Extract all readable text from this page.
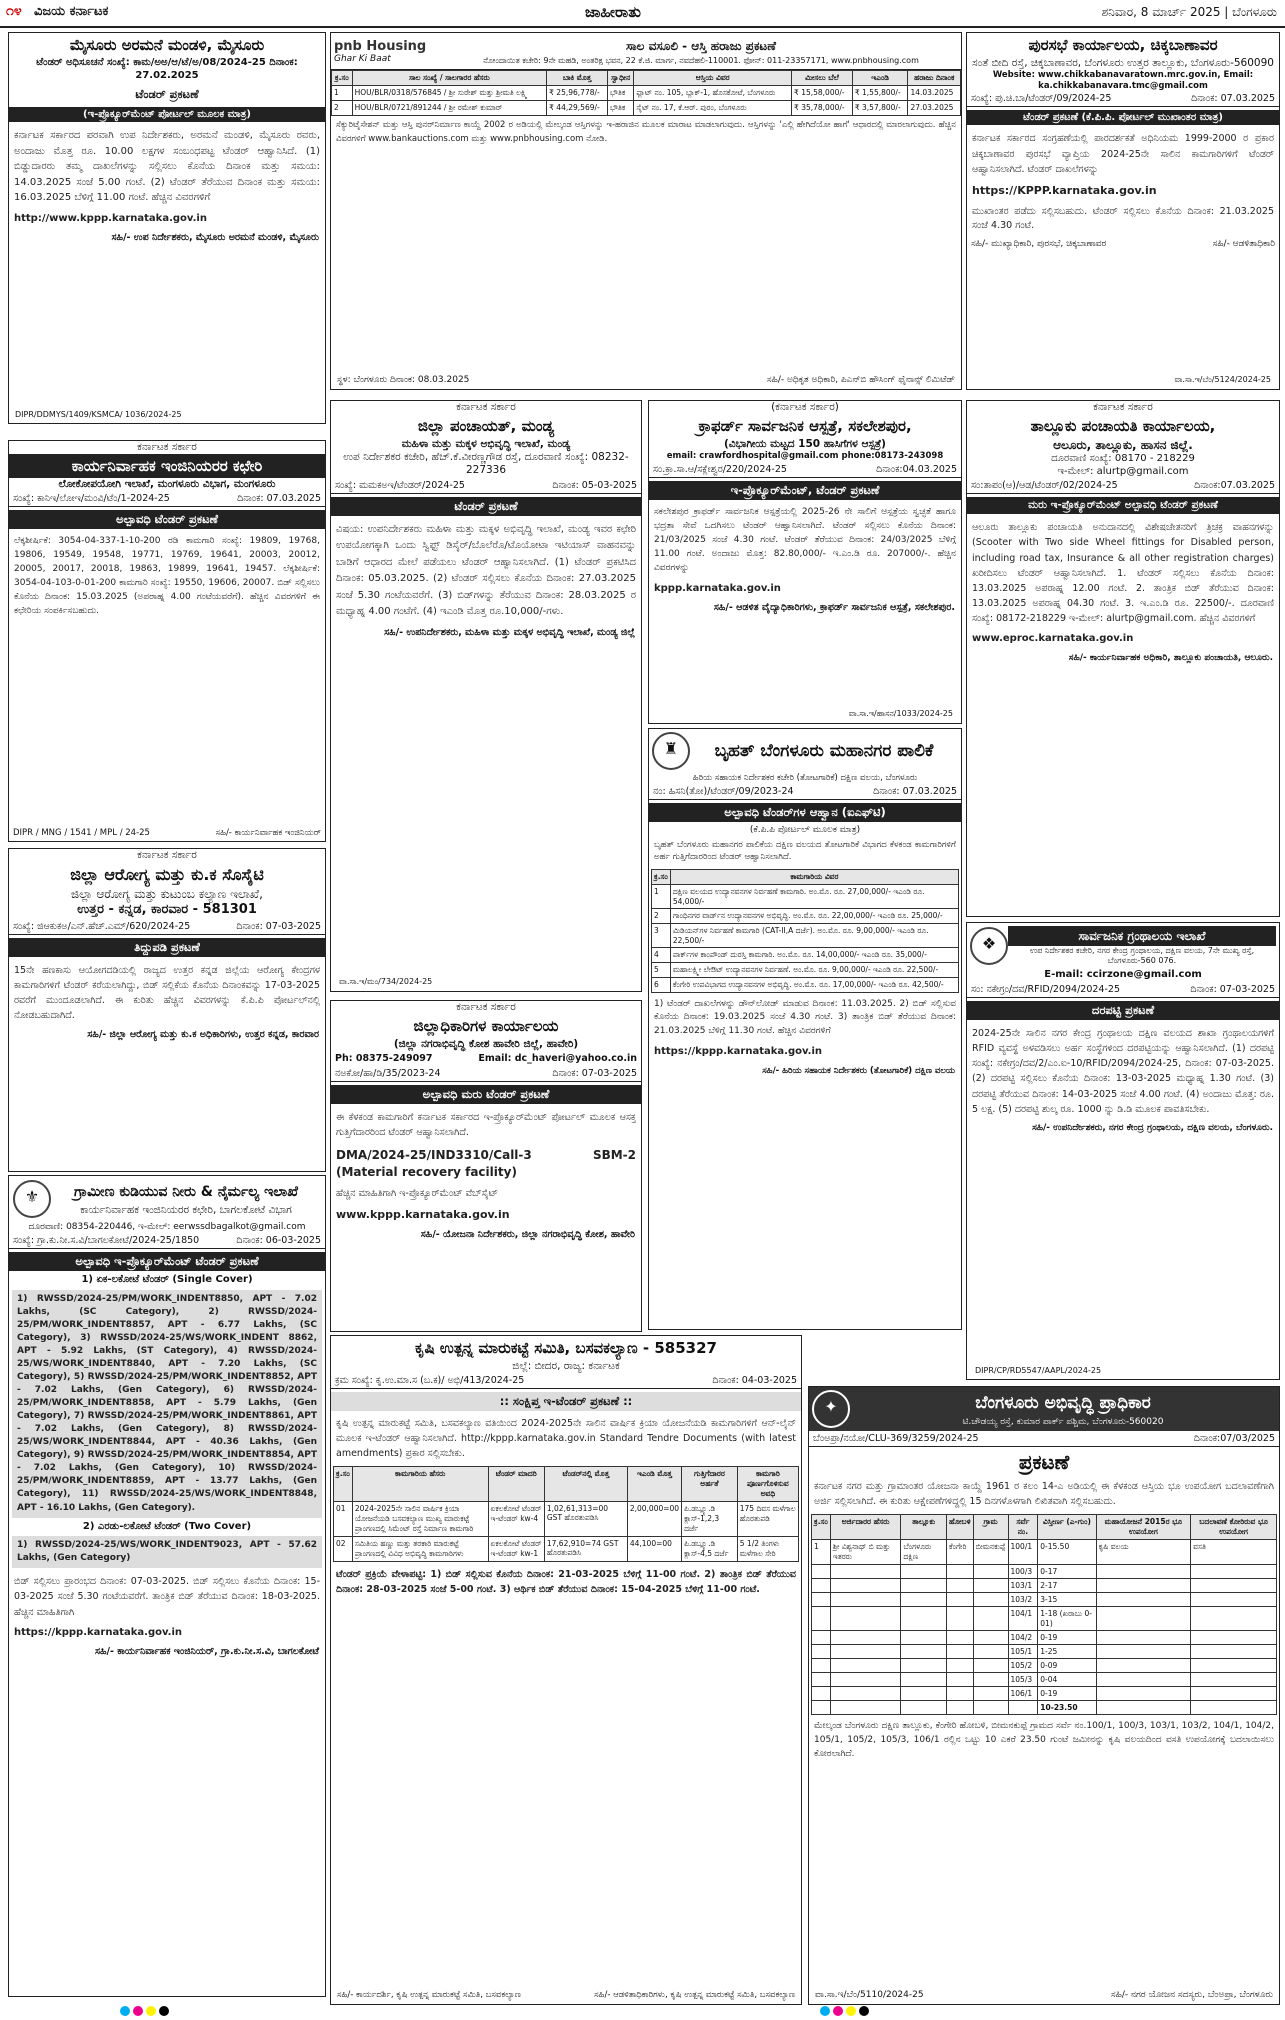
೧೪ ವಿಜಯ ಕರ್ನಾಟಕ	ಜಾಹೀರಾತು	ಶನಿವಾರ, 8 ಮಾರ್ಚ್ 2025 | ಬೆಂಗಳೂರು
ಮೈಸೂರು ಅರಮನೆ ಮಂಡಳಿ, ಮೈಸೂರು
ಟೆಂಡರ್ ಅಧಿಸೂಚನೆ ಸಂಖ್ಯೆ: ಕಾಮ/ಅಅ/ಆ/ಟೆ/ಅ/08/2024-25 ದಿನಾಂಕ: 27.02.2025
ಟೆಂಡರ್ ಪ್ರಕಟಣೆ
(ಇ-ಪ್ರೊಕ್ಯೂರ್‌ಮೆಂಟ್ ಪೋರ್ಟಲ್ ಮೂಲಕ ಮಾತ್ರ)
ಕರ್ನಾಟಕ ಸರ್ಕಾರದ ಪರವಾಗಿ ಉಪ ನಿರ್ದೇಶಕರು, ಅರಮನೆ ಮಂಡಳಿ, ಮೈಸೂರು ರವರು, ಅಂದಾಜು ಮೊತ್ತ ರೂ. 10.00 ಲಕ್ಷಗಳ ಸಂಬಂಧಪಟ್ಟ ಟೆಂಡರ್ ಆಹ್ವಾನಿಸಿದೆ. (1) ಬಿಡ್ಡುದಾರರು ತಮ್ಮ ದಾಖಲೆಗಳನ್ನು ಸಲ್ಲಿಸಲು ಕೊನೆಯ ದಿನಾಂಕ ಮತ್ತು ಸಮಯ: 14.03.2025 ಸಂಜೆ 5.00 ಗಂಟೆ. (2) ಟೆಂಡರ್ ತೆರೆಯುವ ದಿನಾಂಕ ಮತ್ತು ಸಮಯ: 16.03.2025 ಬೆಳಿಗ್ಗೆ 11.00 ಗಂಟೆ. ಹೆಚ್ಚಿನ ವಿವರಗಳಿಗೆ
http://www.kppp.karnataka.gov.in
ಸಹಿ/- ಉಪ ನಿರ್ದೇಶಕರು, ಮೈಸೂರು ಅರಮನೆ ಮಂಡಳಿ, ಮೈಸೂರು
DIPR/DDMYS/1409/KSMCA/ 1036/2024-25
ಕರ್ನಾಟಕ ಸರ್ಕಾರ
ಕಾರ್ಯನಿರ್ವಾಹಕ ಇಂಜಿನಿಯರರ ಕಛೇರಿ
ಲೋಕೋಪಯೋಗಿ ಇಲಾಖೆ, ಮಂಗಳೂರು ವಿಭಾಗ, ಮಂಗಳೂರು
ಸಂಖ್ಯೆ: ಕಾನಿಇ/ಲೋಇ/ಮಂವಿ/ಟೆಂ/1-2024-25	ದಿನಾಂಕ: 07.03.2025
ಅಲ್ಪಾವಧಿ ಟೆಂಡರ್ ಪ್ರಕಟಣೆ
ಲೆಕ್ಕಶೀರ್ಷಿಕೆ: 3054-04-337-1-10-200 ರಡಿ ಕಾಮಗಾರಿ ಸಂಖ್ಯೆ: 19809, 19768, 19806, 19549, 19548, 19771, 19769, 19641, 20003, 20012, 20005, 20017, 20018, 19863, 19899, 19641, 19457. ಲೆಕ್ಕಶೀರ್ಷಿಕೆ: 3054-04-103-0-01-200 ಕಾಮಗಾರಿ ಸಂಖ್ಯೆ: 19550, 19606, 20007. ಬಿಡ್ ಸಲ್ಲಿಸಲು ಕೊನೆಯ ದಿನಾಂಕ: 15.03.2025 (ಅಪರಾಹ್ನ 4.00 ಗಂಟೆಯವರೆಗೆ). ಹೆಚ್ಚಿನ ವಿವರಗಳಿಗೆ ಈ ಕಛೇರಿಯ ಸಂಪರ್ಕಿಸಬಹುದು.
DIPR / MNG / 1541 / MPL / 24-25	ಸಹಿ/- ಕಾರ್ಯನಿರ್ವಾಹಕ ಇಂಜಿನಿಯರ್
ಕರ್ನಾಟಕ ಸರ್ಕಾರ
ಜಿಲ್ಲಾ ಆರೋಗ್ಯ ಮತ್ತು ಕು.ಕ ಸೊಸೈಟಿ
ಜಿಲ್ಲಾ ಆರೋಗ್ಯ ಮತ್ತು ಕುಟುಂಬ ಕಲ್ಯಾಣ ಇಲಾಖೆ,
ಉತ್ತರ - ಕನ್ನಡ, ಕಾರವಾರ - 581301
ಸಂಖ್ಯೆ: ಜಿಆಕುಕಅ/ಎನ್.ಹೆಚ್.ಎಮ್/620/2024-25	ದಿನಾಂಕ: 07-03-2025
ತಿದ್ದುಪಡಿ ಪ್ರಕಟಣೆ
15ನೇ ಹಣಕಾಸು ಆಯೋಗದಡಿಯಲ್ಲಿ ರಾಜ್ಯದ ಉತ್ತರ ಕನ್ನಡ ಜಿಲ್ಲೆಯ ಆರೋಗ್ಯ ಕೇಂದ್ರಗಳ ಕಾಮಗಾರಿಗಳಿಗೆ ಟೆಂಡರ್ ಕರೆಯಲಾಗಿದ್ದು, ಬಿಡ್ ಸಲ್ಲಿಕೆಯ ಕೊನೆಯ ದಿನಾಂಕವನ್ನು 17-03-2025 ರವರೆಗೆ ಮುಂದೂಡಲಾಗಿದೆ. ಈ ಕುರಿತು ಹೆಚ್ಚಿನ ವಿವರಗಳನ್ನು ಕೆ.ಪಿ.ಪಿ ಪೋರ್ಟಲ್‌ನಲ್ಲಿ ನೋಡಬಹುದಾಗಿದೆ.
ಸಹಿ/- ಜಿಲ್ಲಾ ಆರೋಗ್ಯ ಮತ್ತು ಕು.ಕ ಅಧಿಕಾರಿಗಳು, ಉತ್ತರ ಕನ್ನಡ, ಕಾರವಾರ
⚜	ಗ್ರಾಮೀಣ ಕುಡಿಯುವ ನೀರು & ನೈರ್ಮಲ್ಯ ಇಲಾಖೆ
ಕಾರ್ಯನಿರ್ವಾಹಕ ಇಂಜಿನಿಯರರ ಕಛೇರಿ, ಬಾಗಲಕೋಟೆ ವಿಭಾಗ
ದೂರವಾಣಿ: 08354-220446, ಇ-ಮೇಲ್: eerwssdbagalkot@gmail.com
ಸಂಖ್ಯೆ: ಗ್ರಾ.ಕು.ನೀ.ಸ.ವಿ/ಬಾಗಲಕೋಟೆ/2024-25/1850	ದಿನಾಂಕ: 06-03-2025
ಅಲ್ಪಾವಧಿ ಇ-ಪ್ರೊಕ್ಯೂರ್‌ಮೆಂಟ್ ಟೆಂಡರ್ ಪ್ರಕಟಣೆ
1) ಏಕ-ಲಕೋಟೆ ಟೆಂಡರ್ (Single Cover)
1) RWSSD/2024-25/PM/WORK_INDENT8850, APT - 7.02 Lakhs, (SC Category), 2) RWSSD/2024-25/PM/WORK_INDENT8857, APT - 6.77 Lakhs, (SC Category), 3) RWSSD/2024-25/WS/WORK_INDENT 8862, APT - 5.92 Lakhs, (ST Category), 4) RWSSD/2024-25/WS/WORK_INDENT8840, APT - 7.20 Lakhs, (SC Category), 5) RWSSD/2024-25/PM/WORK_INDENT8852, APT - 7.02 Lakhs, (Gen Category), 6) RWSSD/2024-25/PM/WORK_INDENT8858, APT - 5.79 Lakhs, (Gen Category), 7) RWSSD/2024-25/PM/WORK_INDENT8861, APT - 7.02 Lakhs, (Gen Category), 8) RWSSD/2024-25/WS/WORK_INDENT8844, APT - 40.36 Lakhs, (Gen Category), 9) RWSSD/2024-25/PM/WORK_INDENT8854, APT - 7.02 Lakhs, (Gen Category), 10) RWSSD/2024-25/PM/WORK_INDENT8859, APT - 13.77 Lakhs, (Gen Category), 11) RWSSD/2024-25/WS/WORK_INDENT8848, APT - 16.10 Lakhs, (Gen Category).
2) ಎರಡು-ಲಕೋಟೆ ಟೆಂಡರ್ (Two Cover)
1) RWSSD/2024-25/WS/WORK_INDENT9023, APT - 57.62 Lakhs, (Gen Category)
ಬಿಡ್ ಸಲ್ಲಿಸಲು ಪ್ರಾರಂಭದ ದಿನಾಂಕ: 07-03-2025. ಬಿಡ್ ಸಲ್ಲಿಸಲು ಕೊನೆಯ ದಿನಾಂಕ: 15-03-2025 ಸಂಜೆ 5.30 ಗಂಟೆಯವರೆಗೆ. ತಾಂತ್ರಿಕ ಬಿಡ್ ತೆರೆಯುವ ದಿನಾಂಕ: 18-03-2025. ಹೆಚ್ಚಿನ ಮಾಹಿತಿಗಾಗಿ
https://kppp.karnataka.gov.in
ಸಹಿ/- ಕಾರ್ಯನಿರ್ವಾಹಕ ಇಂಜಿನಿಯರ್, ಗ್ರಾ.ಕು.ನೀ.ಸ.ವಿ, ಬಾಗಲಕೋಟೆ
pnb Housing
Ghar Ki Baat
ಸಾಲ ವಸೂಲಿ - ಆಸ್ತಿ ಹರಾಜು ಪ್ರಕಟಣೆ
ನೋಂದಾಯಿತ ಕಚೇರಿ: 9ನೇ ಮಹಡಿ, ಅಂತರಿಕ್ಷ ಭವನ, 22 ಕೆ.ಜಿ. ಮಾರ್ಗ, ನವದೆಹಲಿ-110001. ಫೋನ್: 011-23357171, www.pnbhousing.com
ಕ್ರ.ಸಂ	ಸಾಲ ಸಂಖ್ಯೆ / ಸಾಲಗಾರರ ಹೆಸರು	ಬಾಕಿ ಮೊತ್ತ	ಸ್ವಾಧೀನ	ಆಸ್ತಿಯ ವಿವರ	ಮೀಸಲು ಬೆಲೆ	ಇಎಂಡಿ	ಹರಾಜು ದಿನಾಂಕ
1	HOU/BLR/0318/576845 / ಶ್ರೀ ಸುರೇಶ್ ಮತ್ತು ಶ್ರೀಮತಿ ಲಕ್ಷ್ಮಿ	₹ 25,96,778/-	ಭೌತಿಕ	ಫ್ಲಾಟ್ ನಂ. 105, ಬ್ಲಾಕ್-1, ಹೊಸಕೋಟೆ, ಬೆಂಗಳೂರು	₹ 15,58,000/-	₹ 1,55,800/-	14.03.2025
2	HOU/BLR/0721/891244 / ಶ್ರೀ ರಮೇಶ್ ಕುಮಾರ್	₹ 44,29,569/-	ಭೌತಿಕ	ಸೈಟ್ ನಂ. 17, ಕೆ.ಆರ್. ಪುರಂ, ಬೆಂಗಳೂರು	₹ 35,78,000/-	₹ 3,57,800/-	27.03.2025
ಸೆಕ್ಯುರಿಟೈಸೇಶನ್ ಮತ್ತು ಆಸ್ತಿ ಪುನರ್‌ನಿರ್ಮಾಣ ಕಾಯ್ದೆ 2002 ರ ಅಡಿಯಲ್ಲಿ ಮೇಲ್ಕಂಡ ಆಸ್ತಿಗಳನ್ನು ಇ-ಹರಾಜಿನ ಮೂಲಕ ಮಾರಾಟ ಮಾಡಲಾಗುವುದು. ಆಸ್ತಿಗಳನ್ನು 'ಎಲ್ಲಿ ಹೇಗಿದೆಯೋ ಹಾಗೆ' ಆಧಾರದಲ್ಲಿ ಮಾರಲಾಗುವುದು. ಹೆಚ್ಚಿನ ವಿವರಗಳಿಗೆ www.bankauctions.com ಮತ್ತು www.pnbhousing.com ನೋಡಿ.
ಸ್ಥಳ: ಬೆಂಗಳೂರು ದಿನಾಂಕ: 08.03.2025	ಸಹಿ/- ಅಧಿಕೃತ ಅಧಿಕಾರಿ, ಪಿಎನ್‌ಬಿ ಹೌಸಿಂಗ್ ಫೈನಾನ್ಸ್ ಲಿಮಿಟೆಡ್
ಪುರಸಭೆ ಕಾರ್ಯಾಲಯ, ಚಿಕ್ಕಬಾಣಾವರ
ಸಂತೆ ಬೀದಿ ರಸ್ತೆ, ಚಿಕ್ಕಬಾಣಾವರ, ಬೆಂಗಳೂರು ಉತ್ತರ ತಾಲ್ಲೂಕು, ಬೆಂಗಳೂರು-560090
Website: www.chikkabanavaratown.mrc.gov.in, Email: ka.chikkabanavara.tmc@gmail.com
ಸಂಖ್ಯೆ: ಪು.ಚಿ.ಬಾ/ಟೆಂಡರ್/09/2024-25	ದಿನಾಂಕ: 07.03.2025
ಟೆಂಡರ್ ಪ್ರಕಟಣೆ (ಕೆ.ಪಿ.ಪಿ. ಪೋರ್ಟಲ್ ಮುಖಾಂತರ ಮಾತ್ರ)
ಕರ್ನಾಟಕ ಸರ್ಕಾರದ ಸಂಗ್ರಹಣೆಯಲ್ಲಿ ಪಾರದರ್ಶಕತೆ ಅಧಿನಿಯಮ 1999-2000 ರ ಪ್ರಕಾರ ಚಿಕ್ಕಬಾಣಾವರ ಪುರಸಭೆ ವ್ಯಾಪ್ತಿಯ 2024-25ನೇ ಸಾಲಿನ ಕಾಮಗಾರಿಗಳಿಗೆ ಟೆಂಡರ್ ಆಹ್ವಾನಿಸಲಾಗಿದೆ. ಟೆಂಡರ್ ದಾಖಲೆಗಳನ್ನು
https://KPPP.karnataka.gov.in
ಮುಖಾಂತರ ಪಡೆದು ಸಲ್ಲಿಸಬಹುದು. ಟೆಂಡರ್ ಸಲ್ಲಿಸಲು ಕೊನೆಯ ದಿನಾಂಕ: 21.03.2025 ಸಂಜೆ 4.30 ಗಂಟೆ.
ಸಹಿ/- ಮುಖ್ಯಾಧಿಕಾರಿ, ಪುರಸಭೆ, ಚಿಕ್ಕಬಾಣಾವರ	ಸಹಿ/- ಆಡಳಿತಾಧಿಕಾರಿ
ವಾ.ಸಾ.ಇ/ಬೆಂ/5124/2024-25
ಕರ್ನಾಟಕ ಸರ್ಕಾರ
ಜಿಲ್ಲಾ ಪಂಚಾಯತ್, ಮಂಡ್ಯ
ಮಹಿಳಾ ಮತ್ತು ಮಕ್ಕಳ ಅಭಿವೃದ್ಧಿ ಇಲಾಖೆ, ಮಂಡ್ಯ
ಉಪ ನಿರ್ದೇಶಕರ ಕಚೇರಿ, ಹೆಚ್.ಕೆ.ವೀರಣ್ಣಗೌಡ ರಸ್ತೆ, ದೂರವಾಣಿ ಸಂಖ್ಯೆ: 08232-227336
ಸಂಖ್ಯೆ: ಮಮಕಅಇ/ಟೆಂಡರ್/2024-25	ದಿನಾಂಕ: 05-03-2025
ಟೆಂಡರ್ ಪ್ರಕಟಣೆ
ವಿಷಯ: ಉಪನಿರ್ದೇಶಕರು ಮಹಿಳಾ ಮತ್ತು ಮಕ್ಕಳ ಅಭಿವೃದ್ಧಿ ಇಲಾಖೆ, ಮಂಡ್ಯ ಇವರ ಕಛೇರಿ ಉಪಯೋಗಕ್ಕಾಗಿ ಒಂದು ಸ್ವಿಫ್ಟ್ ಡಿಸೈರ್/ಬೊಲೆರೊ/ಟೊಯೋಟಾ ಇಟಿಯಾಸ್ ವಾಹನವನ್ನು ಬಾಡಿಗೆ ಆಧಾರದ ಮೇಲೆ ಪಡೆಯಲು ಟೆಂಡರ್ ಆಹ್ವಾನಿಸಲಾಗಿದೆ. (1) ಟೆಂಡರ್ ಪ್ರಕಟಿಸಿದ ದಿನಾಂಕ: 05.03.2025. (2) ಟೆಂಡರ್ ಸಲ್ಲಿಸಲು ಕೊನೆಯ ದಿನಾಂಕ: 27.03.2025 ಸಂಜೆ 5.30 ಗಂಟೆಯವರೆಗೆ. (3) ಬಿಡ್‌ಗಳನ್ನು ತೆರೆಯುವ ದಿನಾಂಕ: 28.03.2025 ರ ಮಧ್ಯಾಹ್ನ 4.00 ಗಂಟೆಗೆ. (4) ಇಎಂಡಿ ಮೊತ್ತ ರೂ.10,000/-ಗಳು.
ಸಹಿ/- ಉಪನಿರ್ದೇಶಕರು, ಮಹಿಳಾ ಮತ್ತು ಮಕ್ಕಳ ಅಭಿವೃದ್ಧಿ ಇಲಾಖೆ, ಮಂಡ್ಯ ಜಿಲ್ಲೆ
ವಾ.ಸಾ.ಇ/ಮಂ/734/2024-25
ಕರ್ನಾಟಕ ಸರ್ಕಾರ
ಜಿಲ್ಲಾಧಿಕಾರಿಗಳ ಕಾರ್ಯಾಲಯ
(ಜಿಲ್ಲಾ ನಗರಾಭಿವೃದ್ಧಿ ಕೋಶ ಹಾವೇರಿ ಜಿಲ್ಲೆ, ಹಾವೇರಿ)
Ph: 08375-249097	Email: dc_haveri@yahoo.co.in
ನಅಕೋ/ಹಾ/ಡಿ/35/2023-24	ದಿನಾಂಕ: 07-03-2025
ಅಲ್ಪಾವಧಿ ಮರು ಟೆಂಡರ್ ಪ್ರಕಟಣೆ
ಈ ಕೆಳಕಂಡ ಕಾಮಗಾರಿಗೆ ಕರ್ನಾಟಕ ಸರ್ಕಾರದ ಇ-ಪ್ರೊಕ್ಯೂರ್‌ಮೆಂಟ್ ಪೋರ್ಟಲ್ ಮೂಲಕ ಆಸಕ್ತ ಗುತ್ತಿಗೆದಾರರಿಂದ ಟೆಂಡರ್ ಆಹ್ವಾನಿಸಲಾಗಿದೆ.
DMA/2024-25/IND3310/Call-3 SBM-2 (Material recovery facility)
ಹೆಚ್ಚಿನ ಮಾಹಿತಿಗಾಗಿ ಇ-ಪ್ರೊಕ್ಯೂರ್‌ಮೆಂಟ್ ವೆಬ್‌ಸೈಟ್
www.kppp.karnataka.gov.in
ಸಹಿ/- ಯೋಜನಾ ನಿರ್ದೇಶಕರು, ಜಿಲ್ಲಾ ನಗರಾಭಿವೃದ್ಧಿ ಕೋಶ, ಹಾವೇರಿ
ಕೃಷಿ ಉತ್ಪನ್ನ ಮಾರುಕಟ್ಟೆ ಸಮಿತಿ, ಬಸವಕಲ್ಯಾಣ - 585327
ಜಿಲ್ಲೆ: ಬೀದರ, ರಾಜ್ಯ: ಕರ್ನಾಟಕ
ಕ್ರಮ ಸಂಖ್ಯೆ: ಕೃ.ಉ.ಮಾ.ಸ (ಬ.ಕ)/ ಅಭಿ/413/2024-25	ದಿನಾಂಕ: 04-03-2025
:: ಸಂಕ್ಷಿಪ್ತ ಇ-ಟೆಂಡರ್ ಪ್ರಕಟಣೆ ::
ಕೃಷಿ ಉತ್ಪನ್ನ ಮಾರುಕಟ್ಟೆ ಸಮಿತಿ, ಬಸವಕಲ್ಯಾಣ ವತಿಯಿಂದ 2024-2025ನೇ ಸಾಲಿನ ವಾರ್ಷಿಕ ಕ್ರಿಯಾ ಯೋಜನೆಯಡಿ ಕಾಮಗಾರಿಗಳಿಗೆ ಆನ್-ಲೈನ್ ಮೂಲಕ ಇ-ಟೆಂಡರ್ ಆಹ್ವಾನಿಸಲಾಗಿದೆ. http://kppp.karnataka.gov.in Standard Tendre Documents (with latest amendments) ಪ್ರಕಾರ ಸಲ್ಲಿಸಬೇಕು.
ಕ್ರ.ಸಂ	ಕಾಮಗಾರಿಯ ಹೆಸರು	ಟೆಂಡರ್ ಮಾದರಿ	ಟೆಂಡರ್‌ನಲ್ಲಿ ಮೊತ್ತ	ಇಎಂಡಿ ಮೊತ್ತ	ಗುತ್ತಿಗೆದಾರರ ಅರ್ಹತೆ	ಕಾಮಗಾರಿ ಪೂರ್ಣಗೊಳಿಸುವ ಅವಧಿ
01	2024-2025ನೇ ಸಾಲಿನ ವಾರ್ಷಿಕ ಕ್ರಿಯಾ ಯೋಜನೆಯಡಿ ಬಸವಕಲ್ಯಾಣ ಮುಖ್ಯ ಮಾರುಕಟ್ಟೆ ಪ್ರಾಂಗಣದಲ್ಲಿ ಸಿಮೆಂಟ್ ರಸ್ತೆ ನಿರ್ಮಾಣ ಕಾಮಗಾರಿ	ಏಕಲಕೋಟೆ ಟೆಂಡರ್ ಇ-ಟೆಂಡರ್ kw-4	1,02,61,313=00 GST ಹೊರತುಪಡಿಸಿ	2,00,000=00	ಪಿ.ಡಬ್ಲ್ಯೂ.ಡಿ ಕ್ಲಾಸ್-1,2,3 ದರ್ಜೆ	175 ದಿವಸ ಮಳೆಗಾಲ ಹೊರತುಪಡಿ
02	ಸಮಿತಿಯ ಹಣ್ಣು ಮತ್ತು ತರಕಾರಿ ಮಾರುಕಟ್ಟೆ ಪ್ರಾಂಗಣದಲ್ಲಿ ವಿವಿಧ ಅಭಿವೃದ್ಧಿ ಕಾಮಗಾರಿಗಳು	ಏಕಲಕೋಟೆ ಟೆಂಡರ್ ಇ-ಟೆಂಡರ್ kw-1	17,62,910=74 GST ಹೊರತುಪಡಿಸಿ	44,100=00	ಪಿ.ಡಬ್ಲ್ಯೂ.ಡಿ ಕ್ಲಾಸ್-4,5 ದರ್ಜೆ	5 1/2 ತಿಂಗಳು ಮಳೆಗಾಲ ಸೇರಿ
ಟೆಂಡರ್ ಪ್ರಕ್ರಿಯೆ ವೇಳಾಪಟ್ಟಿ: 1) ಬಿಡ್ ಸಲ್ಲಿಸುವ ಕೊನೆಯ ದಿನಾಂಕ: 21-03-2025 ಬೆಳಿಗ್ಗೆ 11-00 ಗಂಟೆ. 2) ತಾಂತ್ರಿಕ ಬಿಡ್ ತೆರೆಯುವ ದಿನಾಂಕ: 28-03-2025 ಸಂಜೆ 5-00 ಗಂಟೆ. 3) ಆರ್ಥಿಕ ಬಿಡ್ ತೆರೆಯುವ ದಿನಾಂಕ: 15-04-2025 ಬೆಳಿಗ್ಗೆ 11-00 ಗಂಟೆ.
ಸಹಿ/- ಕಾರ್ಯದರ್ಶಿ, ಕೃಷಿ ಉತ್ಪನ್ನ ಮಾರುಕಟ್ಟೆ ಸಮಿತಿ, ಬಸವಕಲ್ಯಾಣ	ಸಹಿ/- ಆಡಳಿತಾಧಿಕಾರಿಗಳು, ಕೃಷಿ ಉತ್ಪನ್ನ ಮಾರುಕಟ್ಟೆ ಸಮಿತಿ, ಬಸವಕಲ್ಯಾಣ
(ಕರ್ನಾಟಕ ಸರ್ಕಾರ)
ಕ್ರಾಫರ್ಡ್ ಸಾರ್ವಜನಿಕ ಆಸ್ಪತ್ರೆ, ಸಕಲೇಶಪುರ,
(ವಿಭಾಗೀಯ ಮಟ್ಟದ 150 ಹಾಸಿಗೆಗಳ ಆಸ್ಪತ್ರೆ)
email: crawfordhospital@gmail.com phone:08173-243098
ಸಂ.ಕ್ರಾ.ಸಾ.ಆ/ಸಕ್ಲೇಶ್ವರ/220/2024-25	ದಿನಾಂಕ:04.03.2025
ಇ-ಪ್ರೊಕ್ಯೂರ್‌ಮೆಂಟ್, ಟೆಂಡರ್ ಪ್ರಕಟಣೆ
ಸಕಲೇಶಪುರ ಕ್ರಾಫರ್ಡ್ ಸಾರ್ವಜನಿಕ ಆಸ್ಪತ್ರೆಯಲ್ಲಿ 2025-26 ನೇ ಸಾಲಿಗೆ ಆಸ್ಪತ್ರೆಯ ಸ್ವಚ್ಛತೆ ಹಾಗೂ ಭದ್ರತಾ ಸೇವೆ ಒದಗಿಸಲು ಟೆಂಡರ್ ಆಹ್ವಾನಿಸಲಾಗಿದೆ. ಟೆಂಡರ್ ಸಲ್ಲಿಸಲು ಕೊನೆಯ ದಿನಾಂಕ: 21/03/2025 ಸಂಜೆ 4.30 ಗಂಟೆ. ಟೆಂಡರ್ ತೆರೆಯುವ ದಿನಾಂಕ: 24/03/2025 ಬೆಳಿಗ್ಗೆ 11.00 ಗಂಟೆ. ಅಂದಾಜು ಮೊತ್ತ: 82.80,000/- ಇ.ಎಂ.ಡಿ ರೂ. 207000/-. ಹೆಚ್ಚಿನ ವಿವರಗಳನ್ನು
kppp.karnataka.gov.in
ಸಹಿ/- ಆಡಳಿತ ವೈದ್ಯಾಧಿಕಾರಿಗಳು, ಕ್ರಾಫರ್ಡ್ ಸಾರ್ವಜನಿಕ ಆಸ್ಪತ್ರೆ, ಸಕಲೇಶಪುರ.
ವಾ.ಸಾ.ಇ/ಹಾಸನ/1033/2024-25
♜	ಬೃಹತ್ ಬೆಂಗಳೂರು ಮಹಾನಗರ ಪಾಲಿಕೆ
ಹಿರಿಯ ಸಹಾಯಕ ನಿರ್ದೇಶಕರ ಕಚೇರಿ (ತೋಟಗಾರಿಕೆ) ದಕ್ಷಿಣ ವಲಯ, ಬೆಂಗಳೂರು
ನಂ: ಹಿಸನಿ(ತೋ)/ಟೆಂಡರ್/09/2023-24	ದಿನಾಂಕ: 07.03.2025
ಅಲ್ಪಾವಧಿ ಟೆಂಡರ್‌ಗಳ ಆಹ್ವಾನ (ಐಎಫ್‌ಟಿ)
(ಕೆ.ಪಿ.ಪಿ ಪೋರ್ಟಲ್ ಮೂಲಕ ಮಾತ್ರ)
ಬೃಹತ್ ಬೆಂಗಳೂರು ಮಹಾನಗರ ಪಾಲಿಕೆಯ ದಕ್ಷಿಣ ವಲಯದ ತೋಟಗಾರಿಕೆ ವಿಭಾಗದ ಕೆಳಕಂಡ ಕಾಮಗಾರಿಗಳಿಗೆ ಅರ್ಹ ಗುತ್ತಿಗೆದಾರರಿಂದ ಟೆಂಡರ್ ಆಹ್ವಾನಿಸಲಾಗಿದೆ.
ಕ್ರ.ಸಂ	ಕಾಮಗಾರಿಯ ವಿವರ
1	ದಕ್ಷಿಣ ವಲಯದ ಉದ್ಯಾನವನಗಳ ನಿರ್ವಹಣೆ ಕಾಮಗಾರಿ. ಅಂ.ಮೊ. ರೂ. 27,00,000/- ಇಎಂಡಿ ರೂ. 54,000/-
2	ಗಾಂಧಿನಗರ ವಾರ್ಡ್‌ನ ಉದ್ಯಾನವನಗಳ ಅಭಿವೃದ್ಧಿ. ಅಂ.ಮೊ. ರೂ. 22,00,000/- ಇಎಂಡಿ ರೂ. 25,000/-
3	ಮಿಡಿಯನ್‌ಗಳ ನಿರ್ವಹಣೆ ಕಾಮಗಾರಿ (CAT-II,A ದರ್ಜೆ). ಅಂ.ಮೊ. ರೂ. 9,00,000/- ಇಎಂಡಿ ರೂ. 22,500/-
4	ಪಾರ್ಕ್‌ಗಳ ಕಾಂಪೌಂಡ್ ದುರಸ್ತಿ ಕಾಮಗಾರಿ. ಅಂ.ಮೊ. ರೂ. 14,00,000/- ಇಎಂಡಿ ರೂ. 35,000/-
5	ಮಹಾಲಕ್ಷ್ಮೀ ಲೇಔಟ್ ಉದ್ಯಾನವನಗಳ ನಿರ್ವಹಣೆ. ಅಂ.ಮೊ. ರೂ. 9,00,000/- ಇಎಂಡಿ ರೂ. 22,500/-
6	ಕೆಂಗೇರಿ ಉಪವಿಭಾಗದ ಉದ್ಯಾನವನಗಳ ಅಭಿವೃದ್ಧಿ. ಅಂ.ಮೊ. ರೂ. 17,00,000/- ಇಎಂಡಿ ರೂ. 42,500/-
1) ಟೆಂಡರ್ ದಾಖಲೆಗಳನ್ನು ಡೌನ್‌ಲೋಡ್ ಮಾಡುವ ದಿನಾಂಕ: 11.03.2025. 2) ಬಿಡ್ ಸಲ್ಲಿಸುವ ಕೊನೆಯ ದಿನಾಂಕ: 19.03.2025 ಸಂಜೆ 4.30 ಗಂಟೆ. 3) ತಾಂತ್ರಿಕ ಬಿಡ್ ತೆರೆಯುವ ದಿನಾಂಕ: 21.03.2025 ಬೆಳಿಗ್ಗೆ 11.30 ಗಂಟೆ. ಹೆಚ್ಚಿನ ವಿವರಗಳಿಗೆ
https://kppp.karnataka.gov.in
ಸಹಿ/- ಹಿರಿಯ ಸಹಾಯಕ ನಿರ್ದೇಶಕರು (ತೋಟಗಾರಿಕೆ) ದಕ್ಷಿಣ ವಲಯ
ಕರ್ನಾಟಕ ಸರ್ಕಾರ
ತಾಲ್ಲೂಕು ಪಂಚಾಯತಿ ಕಾರ್ಯಾಲಯ,
ಆಲೂರು, ತಾಲ್ಲೂಕು, ಹಾಸನ ಜಿಲ್ಲೆ.
ದೂರವಾಣಿ ಸಂಖ್ಯೆ: 08170 - 218229
ಇ-ಮೇಲ್: alurtp@gmail.com
ಸಂ:ತಾಪಂ(ಆ)/ಆಡ/ಟೆಂಡರ್/02/2024-25	ದಿನಾಂಕ:07.03.2025
ಮರು ಇ-ಪ್ರೊಕ್ಯೂರ್‌ಮೆಂಟ್ ಅಲ್ಪಾವಧಿ ಟೆಂಡರ್ ಪ್ರಕಟಣೆ
ಆಲೂರು ತಾಲ್ಲೂಕು ಪಂಚಾಯತಿ ಅನುದಾನದಲ್ಲಿ ವಿಶೇಷಚೇತನರಿಗೆ ತ್ರಿಚಕ್ರ ವಾಹನಗಳನ್ನು (Scooter with Two side Wheel fittings for Disabled person, including road tax, Insurance & all other registration charges) ಖರೀದಿಸಲು ಟೆಂಡರ್ ಆಹ್ವಾನಿಸಲಾಗಿದೆ. 1. ಟೆಂಡರ್ ಸಲ್ಲಿಸಲು ಕೊನೆಯ ದಿನಾಂಕ: 13.03.2025 ಅಪರಾಹ್ನ 12.00 ಗಂಟೆ. 2. ತಾಂತ್ರಿಕ ಬಿಡ್ ತೆರೆಯುವ ದಿನಾಂಕ: 13.03.2025 ಅಪರಾಹ್ನ 04.30 ಗಂಟೆ. 3. ಇ.ಎಂ.ಡಿ ರೂ. 22500/-. ದೂರವಾಣಿ ಸಂಖ್ಯೆ: 08172-218229 ಇ-ಮೇಲ್: alurtp@gmail.com. ಹೆಚ್ಚಿನ ವಿವರಗಳಿಗೆ
www.eproc.karnataka.gov.in
ಸಹಿ/- ಕಾರ್ಯನಿರ್ವಾಹಕ ಅಧಿಕಾರಿ, ತಾಲ್ಲೂಕು ಪಂಚಾಯತಿ, ಆಲೂರು.
❖	ಸಾರ್ವಜನಿಕ ಗ್ರಂಥಾಲಯ ಇಲಾಖೆ
ಉಪ ನಿರ್ದೇಶಕರ ಕಚೇರಿ, ನಗರ ಕೇಂದ್ರ ಗ್ರಂಥಾಲಯ, ದಕ್ಷಿಣ ವಲಯ, 7ನೇ ಮುಖ್ಯ ರಸ್ತೆ, ಬೆಂಗಳೂರು-560 076.
E-mail: ccirzone@gmail.com
ಸಂ: ನಕೇಗ್ರಂ/ದವ/RFID/2094/2024-25	ದಿನಾಂಕ: 07-03-2025
ದರಪಟ್ಟಿ ಪ್ರಕಟಣೆ
2024-25ನೇ ಸಾಲಿನ ನಗರ ಕೇಂದ್ರ ಗ್ರಂಥಾಲಯ ದಕ್ಷಿಣ ವಲಯದ ಶಾಖಾ ಗ್ರಂಥಾಲಯಗಳಿಗೆ RFID ವ್ಯವಸ್ಥೆ ಅಳವಡಿಸಲು ಅರ್ಹ ಸಂಸ್ಥೆಗಳಿಂದ ದರಪಟ್ಟಿಯನ್ನು ಆಹ್ವಾನಿಸಲಾಗಿದೆ. (1) ದರಪಟ್ಟಿ ಸಂಖ್ಯೆ: ನಕೇಗ್ರಂ/ದವ/2/ಎಂ.ಐ-10/RFID/2094/2024-25, ದಿನಾಂಕ: 07-03-2025. (2) ದರಪಟ್ಟಿ ಸಲ್ಲಿಸಲು ಕೊನೆಯ ದಿನಾಂಕ: 13-03-2025 ಮಧ್ಯಾಹ್ನ 1.30 ಗಂಟೆ. (3) ದರಪಟ್ಟಿ ತೆರೆಯುವ ದಿನಾಂಕ: 14-03-2025 ಸಂಜೆ 4.00 ಗಂಟೆ. (4) ಅಂದಾಜು ಮೊತ್ತ: ರೂ. 5 ಲಕ್ಷ. (5) ದರಪಟ್ಟಿ ಶುಲ್ಕ ರೂ. 1000 ನ್ನು ಡಿ.ಡಿ ಮೂಲಕ ಪಾವತಿಸಬೇಕು.
ಸಹಿ/- ಉಪನಿರ್ದೇಶಕರು, ನಗರ ಕೇಂದ್ರ ಗ್ರಂಥಾಲಯ, ದಕ್ಷಿಣ ವಲಯ, ಬೆಂಗಳೂರು.
DIPR/CP/RD5547/AAPL/2024-25
✦	ಬೆಂಗಳೂರು ಅಭಿವೃದ್ಧಿ ಪ್ರಾಧಿಕಾರ
ಟಿ.ಚೌಡಯ್ಯ ರಸ್ತೆ, ಕುಮಾರ ಪಾರ್ಕ್ ಪಶ್ಚಿಮ, ಬೆಂಗಳೂರು-560020
ಬೆಂಅಪ್ರಾ/ನಯೋ/CLU-369/3259/2024-25	ದಿನಾಂಕ:07/03/2025
ಪ್ರಕಟಣೆ
ಕರ್ನಾಟಕ ನಗರ ಮತ್ತು ಗ್ರಾಮಾಂತರ ಯೋಜನಾ ಕಾಯ್ದೆ 1961 ರ ಕಲಂ 14-ಎ ಅಡಿಯಲ್ಲಿ ಈ ಕೆಳಕಂಡ ಆಸ್ತಿಯ ಭೂ ಉಪಯೋಗ ಬದಲಾವಣೆಗಾಗಿ ಅರ್ಜಿ ಸಲ್ಲಿಸಲಾಗಿದೆ. ಈ ಕುರಿತು ಆಕ್ಷೇಪಣೆಗಳಿದ್ದಲ್ಲಿ 15 ದಿನಗಳೊಳಗಾಗಿ ಲಿಖಿತವಾಗಿ ಸಲ್ಲಿಸಬಹುದು.
ಕ್ರ.ಸಂ	ಅರ್ಜಿದಾರರ ಹೆಸರು	ತಾಲ್ಲೂಕು	ಹೋಬಳಿ	ಗ್ರಾಮ	ಸರ್ವೆ ನಂ.	ವಿಸ್ತೀರ್ಣ (ಎ-ಗುಂ)	ಮಹಾಯೋಜನೆ 2015ರ ಭೂ ಉಪಯೋಗ	ಬದಲಾವಣೆ ಕೋರಿರುವ ಭೂ ಉಪಯೋಗ
1	ಶ್ರೀ ವಿಶ್ವನಾಥ್ ಬಿ ಮತ್ತು ಇತರರು	ಬೆಂಗಳೂರು ದಕ್ಷಿಣ	ಕೆಂಗೇರಿ	ಬೀಮನಕುಪ್ಪೆ	100/1	0-15.50	ಕೃಷಿ ವಲಯ	ವಸತಿ
					100/3	0-17		
					103/1	2-17		
					103/2	3-15		
					104/1	1-18 (ಖರಾಬು 0-01)		
					104/2	0-19		
					105/1	1-25		
					105/2	0-09		
					105/3	0-04		
					106/1	0-19		
						10-23.50		
ಮೇಲ್ಕಂಡ ಬೆಂಗಳೂರು ದಕ್ಷಿಣ ತಾಲ್ಲೂಕು, ಕೆಂಗೇರಿ ಹೋಬಳಿ, ಬೀಮನಕುಪ್ಪೆ ಗ್ರಾಮದ ಸರ್ವೆ ನಂ.100/1, 100/3, 103/1, 103/2, 104/1, 104/2, 105/1, 105/2, 105/3, 106/1 ರಲ್ಲಿನ ಒಟ್ಟು 10 ಎಕರೆ 23.50 ಗುಂಟೆ ಜಮೀನನ್ನು ಕೃಷಿ ವಲಯದಿಂದ ವಸತಿ ಉಪಯೋಗಕ್ಕೆ ಬದಲಾಯಿಸಲು ಕೋರಲಾಗಿದೆ.
ವಾ.ಸಾ.ಇ/ಬೆಂ/5110/2024-25	ಸಹಿ/- ನಗರ ಯೋಜನ ಸದಸ್ಯರು, ಬೆಂಅಪ್ರಾ, ಬೆಂಗಳೂರು
